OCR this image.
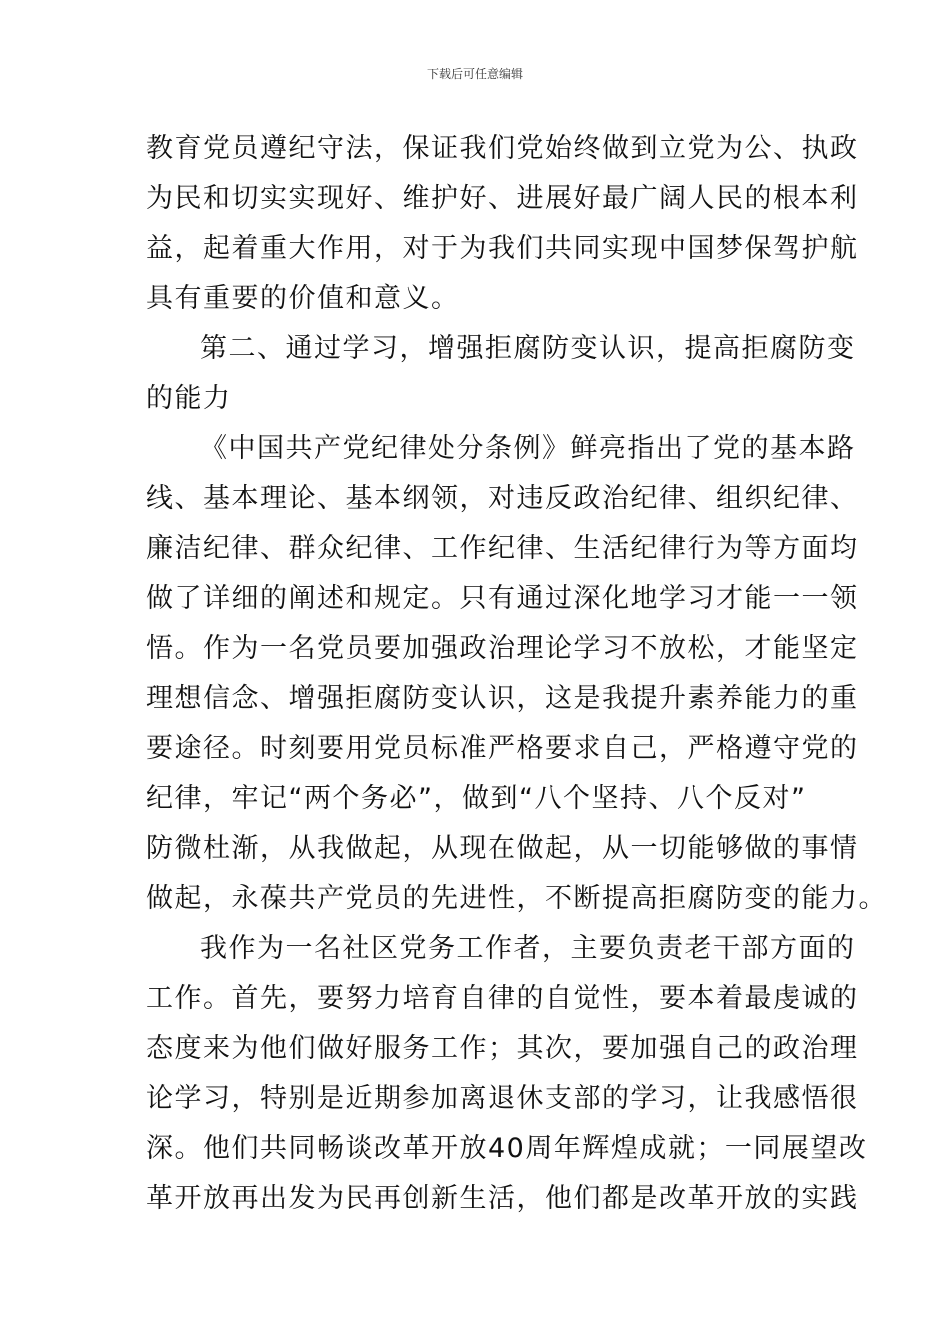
下载后可任意编辑
教育党员遵纪守法，保证我们党始终做到立党为公、执政
为民和切实实现好、维护好、进展好最广阔人民的根本利
益，起着重大作用，对于为我们共同实现中国梦保驾护航
具有重要的价值和意义。
第二、通过学习，增强拒腐防变认识，提高拒腐防变
的能力
《中国共产党纪律处分条例》鲜亮指出了党的基本路
线、基本理论、基本纲领，对违反政治纪律、组织纪律、
廉洁纪律、群众纪律、工作纪律、生活纪律行为等方面均
做了详细的阐述和规定。只有通过深化地学习才能一一领
悟。作为一名党员要加强政治理论学习不放松，才能坚定
理想信念、增强拒腐防变认识，这是我提升素养能力的重
要途径。时刻要用党员标准严格要求自己，严格遵守党的
纪律，牢记“两个务必”，做到“八个坚持、八个反对”
防微杜渐，从我做起，从现在做起，从一切能够做的事情
做起，永葆共产党员的先进性，不断提高拒腐防变的能力。
我作为一名社区党务工作者，主要负责老干部方面的
工作。首先，要努力培育自律的自觉性，要本着最虔诚的
态度来为他们做好服务工作；其次，要加强自己的政治理
论学习，特别是近期参加离退休支部的学习，让我感悟很
深。他们共同畅谈改革开放40周年辉煌成就；一同展望改
革开放再出发为民再创新生活，他们都是改革开放的实践
